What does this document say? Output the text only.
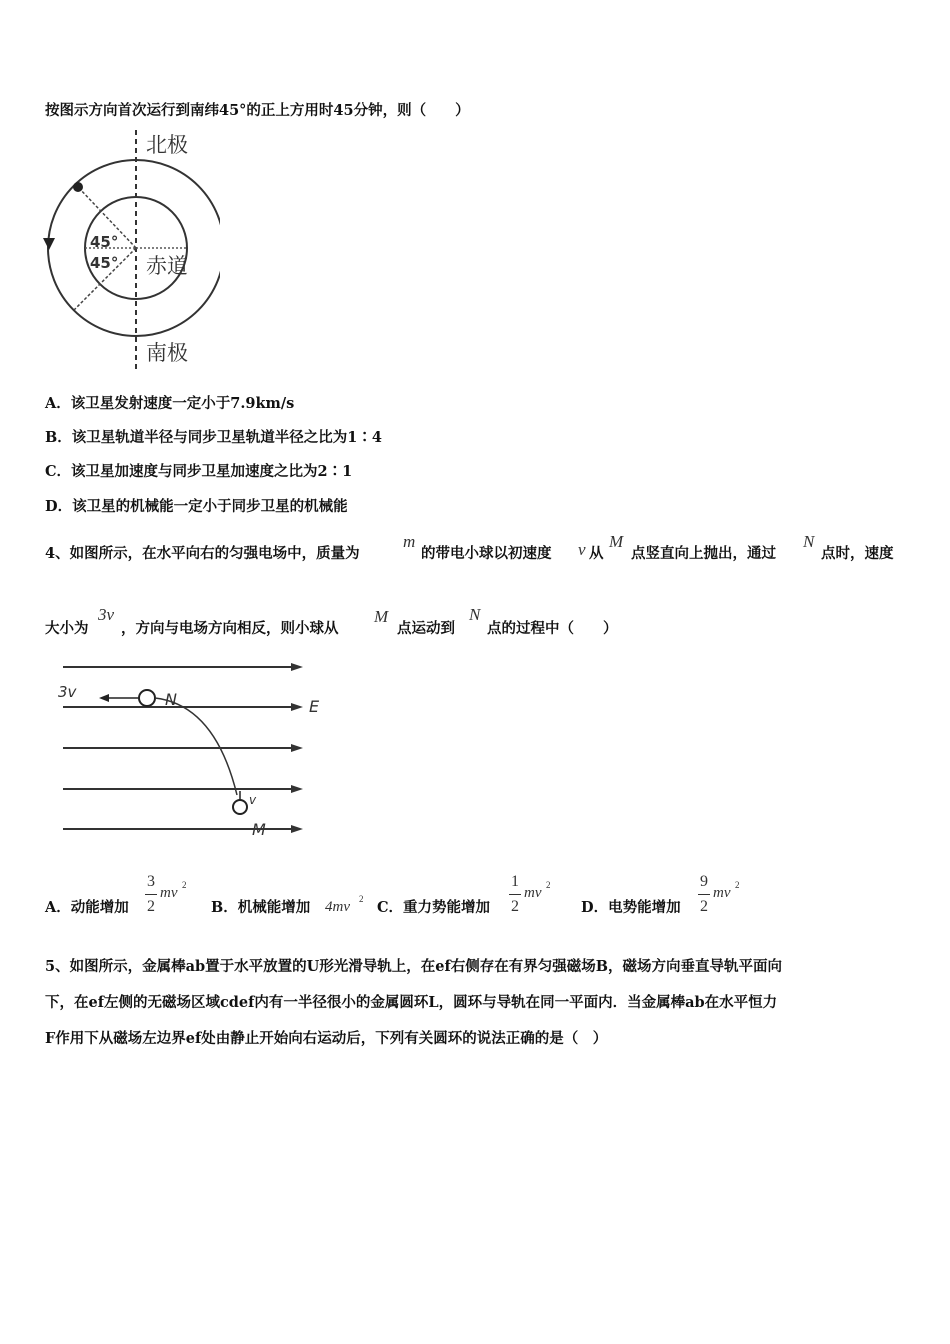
按图示方向首次运行到南纬45°的正上方用时45分钟，则（　　）
北极
南极
赤道
45°
45°
A．该卫星发射速度一定小于7.9km/s
B．该卫星轨道半径与同步卫星轨道半径之比为1∶4
C．该卫星加速度与同步卫星加速度之比为2∶1
D．该卫星的机械能一定小于同步卫星的机械能
4、如图所示，在水平向右的匀强电场中，质量为
m
的带电小球以初速度 v 从
M
点竖直向上抛出，通过
N
点时，速度
大小为
3v
，方向与电场方向相反，则小球从
M
点运动到
N
点的过程中（　　）
3v	N	E
v
M
A．动能增加
3
2
mv 2
B．机械能增加 4mv 2 C．重力势能增加
1
2
mv 2
D．电势能增加
9
2
mv 2
5、如图所示，金属棒ab置于水平放置的U形光滑导轨上，在ef右侧存在有界匀强磁场B，磁场方向垂直导轨平面向
下，在ef左侧的无磁场区域cdef内有一半径很小的金属圆环L，圆环与导轨在同一平面内．当金属棒ab在水平恒力
F作用下从磁场左边界ef处由静止开始向右运动后，下列有关圆环的说法正确的是（　）
